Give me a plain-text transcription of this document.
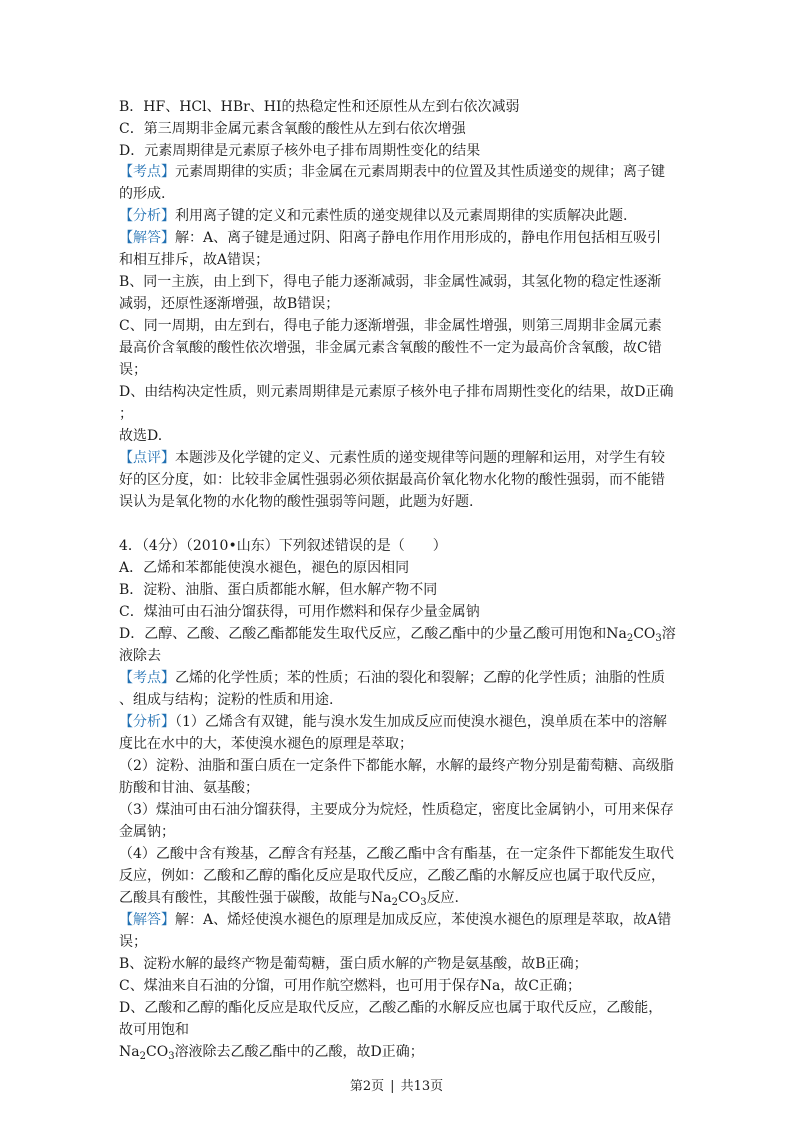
B．HF、HCl、HBr、HI的热稳定性和还原性从左到右依次减弱
C．第三周期非金属元素含氧酸的酸性从左到右依次增强
D．元素周期律是元素原子核外电子排布周期性变化的结果
【考点】元素周期律的实质；非金属在元素周期表中的位置及其性质递变的规律；离子键
的形成.
【分析】利用离子键的定义和元素性质的递变规律以及元素周期律的实质解决此题.
【解答】解：A、离子键是通过阴、阳离子静电作用作用形成的，静电作用包括相互吸引
和相互排斥，故A错误；
B、同一主族，由上到下，得电子能力逐渐减弱，非金属性减弱，其氢化物的稳定性逐渐
减弱，还原性逐渐增强，故B错误；
C、同一周期，由左到右，得电子能力逐渐增强，非金属性增强，则第三周期非金属元素
最高价含氧酸的酸性依次增强，非金属元素含氧酸的酸性不一定为最高价含氧酸，故C错
误；
D、由结构决定性质，则元素周期律是元素原子核外电子排布周期性变化的结果，故D正确
；
故选D.
【点评】本题涉及化学键的定义、元素性质的递变规律等问题的理解和运用，对学生有较
好的区分度，如：比较非金属性强弱必须依据最高价氧化物水化物的酸性强弱，而不能错
误认为是氧化物的水化物的酸性强弱等问题，此题为好题.
4．（4分）（2010•山东）下列叙述错误的是（　　）
A．乙烯和苯都能使溴水褪色，褪色的原因相同
B．淀粉、油脂、蛋白质都能水解，但水解产物不同
C．煤油可由石油分馏获得，可用作燃料和保存少量金属钠
D．乙醇、乙酸、乙酸乙酯都能发生取代反应，乙酸乙酯中的少量乙酸可用饱和$Na_2CO_3$溶
液除去
【考点】乙烯的化学性质；苯的性质；石油的裂化和裂解；乙醇的化学性质；油脂的性质
、组成与结构；淀粉的性质和用途.
【分析】（1）乙烯含有双键，能与溴水发生加成反应而使溴水褪色，溴单质在苯中的溶解
度比在水中的大，苯使溴水褪色的原理是萃取；
（2）淀粉、油脂和蛋白质在一定条件下都能水解，水解的最终产物分别是葡萄糖、高级脂
肪酸和甘油、氨基酸；
（3）煤油可由石油分馏获得，主要成分为烷烃，性质稳定，密度比金属钠小，可用来保存
金属钠；
（4）乙酸中含有羧基，乙醇含有羟基，乙酸乙酯中含有酯基，在一定条件下都能发生取代
反应，例如：乙酸和乙醇的酯化反应是取代反应，乙酸乙酯的水解反应也属于取代反应，
乙酸具有酸性，其酸性强于碳酸，故能与$Na_2CO_3$反应.
【解答】解：A、烯烃使溴水褪色的原理是加成反应，苯使溴水褪色的原理是萃取，故A错
误；
B、淀粉水解的最终产物是葡萄糖，蛋白质水解的产物是氨基酸，故B正确；
C、煤油来自石油的分馏，可用作航空燃料，也可用于保存Na，故C正确；
D、乙酸和乙醇的酯化反应是取代反应，乙酸乙酯的水解反应也属于取代反应，乙酸能，
故可用饱和
$Na_2CO_3$溶液除去乙酸乙酯中的乙酸，故D正确；
第2页 | 共13页
